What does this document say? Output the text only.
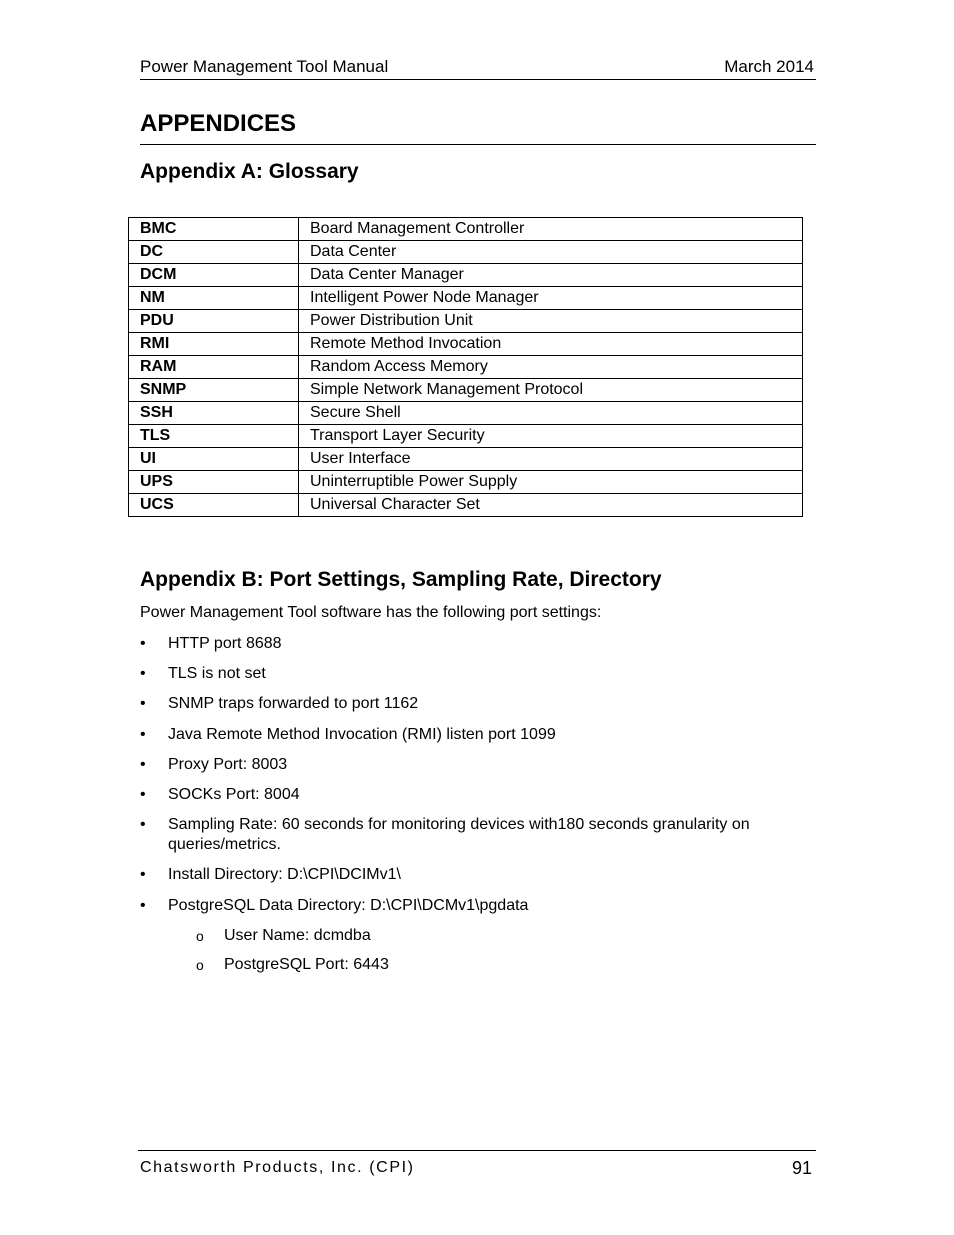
Power Management Tool Manual	March 2014
APPENDICES
Appendix A: Glossary
BMC	Board Management Controller
DC	Data Center
DCM	Data Center Manager
NM	Intelligent Power Node Manager
PDU	Power Distribution Unit
RMI	Remote Method Invocation
RAM	Random Access Memory
SNMP	Simple Network Management Protocol
SSH	Secure Shell
TLS	Transport Layer Security
UI	User Interface
UPS	Uninterruptible Power Supply
UCS	Universal Character Set
Appendix B: Port Settings, Sampling Rate, Directory
Power Management Tool software has the following port settings:
• HTTP port 8688
• TLS is not set
• SNMP traps forwarded to port 1162
• Java Remote Method Invocation (RMI) listen port 1099
• Proxy Port: 8003
• SOCKs Port: 8004
• Sampling Rate: 60 seconds for monitoring devices with180 seconds granularity on queries/metrics.
• Install Directory: D:\CPI\DCIMv1\
• PostgreSQL Data Directory: D:\CPI\DCMv1\pgdata
o User Name: dcmdba
o PostgreSQL Port: 6443
Chatsworth Products, Inc. (CPI)	91
